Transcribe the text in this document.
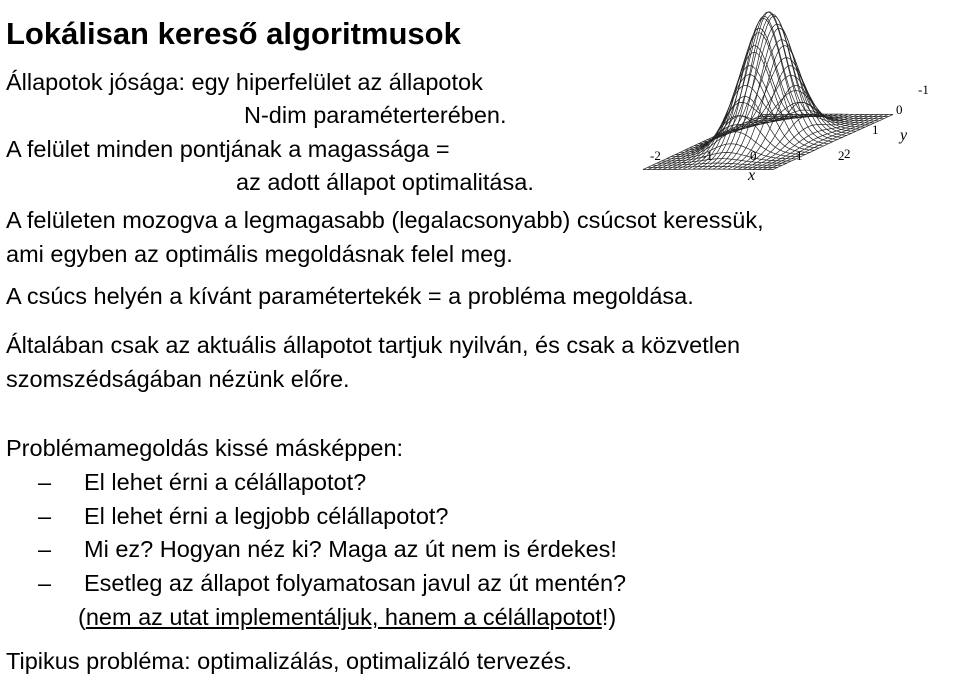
Lokálisan kereső algoritmusok
Állapotok jósága: egy hiperfelület az állapotok
N-dim paraméterterében.
A felület minden pontjának a magassága =
az adott állapot optimalitása.
A felületen mozogva a legmagasabb (legalacsonyabb) csúcsot keressük,
ami egyben az optimális megoldásnak felel meg.
A csúcs helyén a kívánt paramétertekék = a probléma megoldása.
Általában csak az aktuális állapotot tartjuk nyilván, és csak a közvetlen
szomszédságában nézünk előre.
Problémamegoldás kissé másképpen:
– El lehet érni a célállapotot?
– El lehet érni a legjobb célállapotot?
– Mi ez? Hogyan néz ki? Maga az út nem is érdekes!
– Esetleg az állapot folyamatosan javul az út mentén?
(nem az utat implementáljuk, hanem a célállapotot!)
Tipikus probléma: optimalizálás, optimalizáló tervezés.
-2	-1	0	1	2 2
1
0
-1
x
y
